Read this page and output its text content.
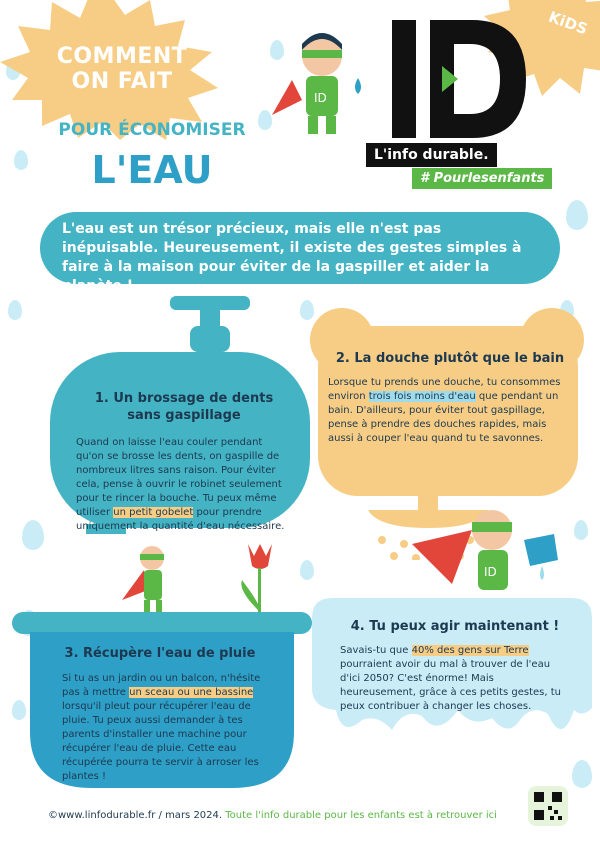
COMMENT
ON FAIT
POUR ÉCONOMISER
L'EAU
KiDS
ID
L'info durable.
# Pourlesenfants
L'eau est un trésor précieux, mais elle n'est pas inépuisable. Heureusement, il existe des gestes simples à faire à la maison pour éviter de la gaspiller et aider la planète !
1. Un brossage de dents
sans gaspillage
Quand on laisse l'eau couler pendant qu'on se brosse les dents, on gaspille de nombreux litres sans raison. Pour éviter cela, pense à ouvrir le robinet seulement pour te rincer la bouche. Tu peux même utiliser un petit gobelet pour prendre uniquement la quantité d'eau nécessaire.
2. La douche plutôt que le bain
Lorsque tu prends une douche, tu consommes environ trois fois moins d'eau que pendant un bain. D'ailleurs, pour éviter tout gaspillage, pense à prendre des douches rapides, mais aussi à couper l'eau quand tu te savonnes.
3. Récupère l'eau de pluie
Si tu as un jardin ou un balcon, n'hésite pas à mettre un sceau ou une bassine lorsqu'il pleut pour récupérer l'eau de pluie. Tu peux aussi demander à tes parents d'installer une machine pour récupérer l'eau de pluie. Cette eau récupérée pourra te servir à arroser les plantes !
ID
4. Tu peux agir maintenant !
Savais-tu que 40% des gens sur Terre pourraient avoir du mal à trouver de l'eau d'ici 2050? C'est énorme! Mais heureusement, grâce à ces petits gestes, tu peux contribuer à changer les choses.
©www.linfodurable.fr / mars 2024. Toute l'info durable pour les enfants est à retrouver ici
